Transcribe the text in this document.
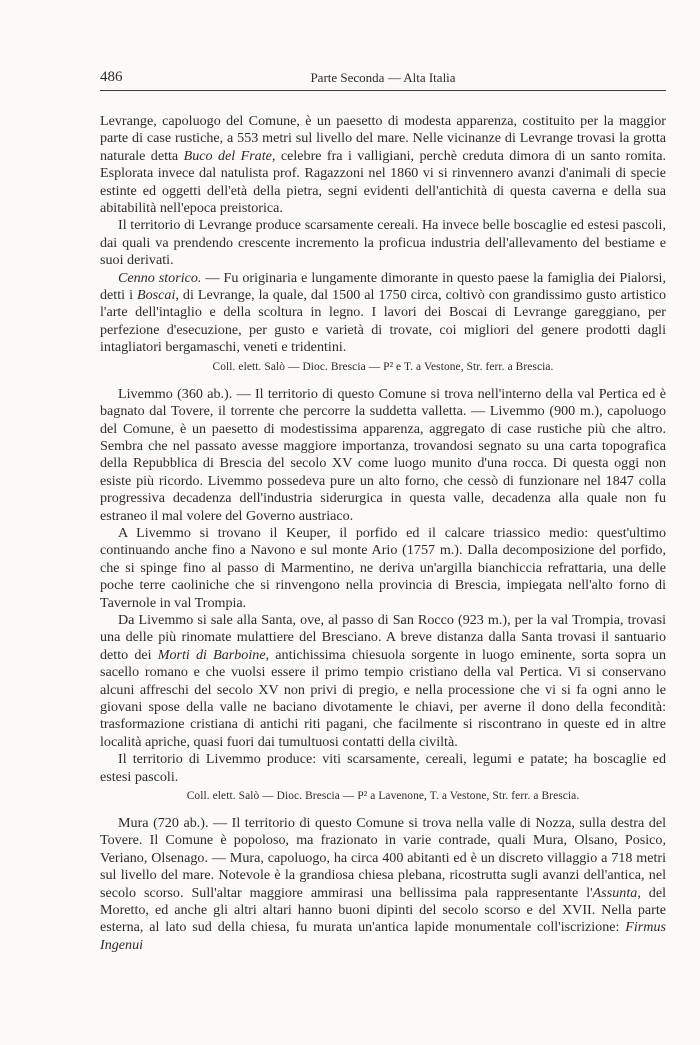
486	Parte Seconda — Alta Italia

Levrange, capoluogo del Comune, è un paesetto di modesta apparenza, costituito per la maggior parte di case rustiche, a 553 metri sul livello del mare. Nelle vicinanze di Levrange trovasi la grotta naturale detta Buco del Frate, celebre fra i valligiani, perchè creduta dimora di un santo romita. Esplorata invece dal natulista prof. Ragazzoni nel 1860 vi si rinvennero avanzi d'animali di specie estinte ed oggetti dell'età della pietra, segni evidenti dell'antichità di questa caverna e della sua abitabilità nell'epoca preistorica.

Il territorio di Levrange produce scarsamente cereali. Ha invece belle boscaglie ed estesi pascoli, dai quali va prendendo crescente incremento la proficua industria dell'allevamento del bestiame e suoi derivati.

Cenno storico. — Fu originaria e lungamente dimorante in questo paese la famiglia dei Pialorsi, detti i Boscai, di Levrange, la quale, dal 1500 al 1750 circa, coltivò con grandissimo gusto artistico l'arte dell'intaglio e della scoltura in legno. I lavori dei Boscai di Levrange gareggiano, per perfezione d'esecuzione, per gusto e varietà di trovate, coi migliori del genere prodotti dagli intagliatori bergamaschi, veneti e tridentini.

Coll. elett. Salò — Dioc. Brescia — P² e T. a Vestone, Str. ferr. a Brescia.

Livemmo (360 ab.). — Il territorio di questo Comune si trova nell'interno della val Pertica ed è bagnato dal Tovere, il torrente che percorre la suddetta valletta. — Livemmo (900 m.), capoluogo del Comune, è un paesetto di modestissima apparenza, aggregato di case rustiche più che altro. Sembra che nel passato avesse maggiore importanza, trovandosi segnato su una carta topografica della Repubblica di Brescia del secolo XV come luogo munito d'una rocca. Di questa oggi non esiste più ricordo. Livemmo possedeva pure un alto forno, che cessò di funzionare nel 1847 colla progressiva decadenza dell'industria siderurgica in questa valle, decadenza alla quale non fu estraneo il mal volere del Governo austriaco.

A Livemmo si trovano il Keuper, il porfido ed il calcare triassico medio: quest'ultimo continuando anche fino a Navono e sul monte Ario (1757 m.). Dalla decomposizione del porfido, che si spinge fino al passo di Marmentino, ne deriva un'argilla bianchiccia refrattaria, una delle poche terre caoliniche che si rinvengono nella provincia di Brescia, impiegata nell'alto forno di Tavernole in val Trompia.

Da Livemmo si sale alla Santa, ove, al passo di San Rocco (923 m.), per la val Trompia, trovasi una delle più rinomate mulattiere del Bresciano. A breve distanza dalla Santa trovasi il santuario detto dei Morti di Barboine, antichissima chiesuola sorgente in luogo eminente, sorta sopra un sacello romano e che vuolsi essere il primo tempio cristiano della val Pertica. Vi si conservano alcuni affreschi del secolo XV non privi di pregio, e nella processione che vi si fa ogni anno le giovani spose della valle ne baciano divotamente le chiavi, per averne il dono della fecondità: trasformazione cristiana di antichi riti pagani, che facilmente si riscontrano in queste ed in altre località apriche, quasi fuori dai tumultuosi contatti della civiltà.

Il territorio di Livemmo produce: viti scarsamente, cereali, legumi e patate; ha boscaglie ed estesi pascoli.

Coll. elett. Salò — Dioc. Brescia — P² a Lavenone, T. a Vestone, Str. ferr. a Brescia.

Mura (720 ab.). — Il territorio di questo Comune si trova nella valle di Nozza, sulla destra del Tovere. Il Comune è popoloso, ma frazionato in varie contrade, quali Mura, Olsano, Posico, Veriano, Olsenago. — Mura, capoluogo, ha circa 400 abitanti ed è un discreto villaggio a 718 metri sul livello del mare. Notevole è la grandiosa chiesa plebana, ricostrutta sugli avanzi dell'antica, nel secolo scorso. Sull'altar maggiore ammirasi una bellissima pala rappresentante l'Assunta, del Moretto, ed anche gli altri altari hanno buoni dipinti del secolo scorso e del XVII. Nella parte esterna, al lato sud della chiesa, fu murata un'antica lapide monumentale coll'iscrizione: Firmus Ingenui
